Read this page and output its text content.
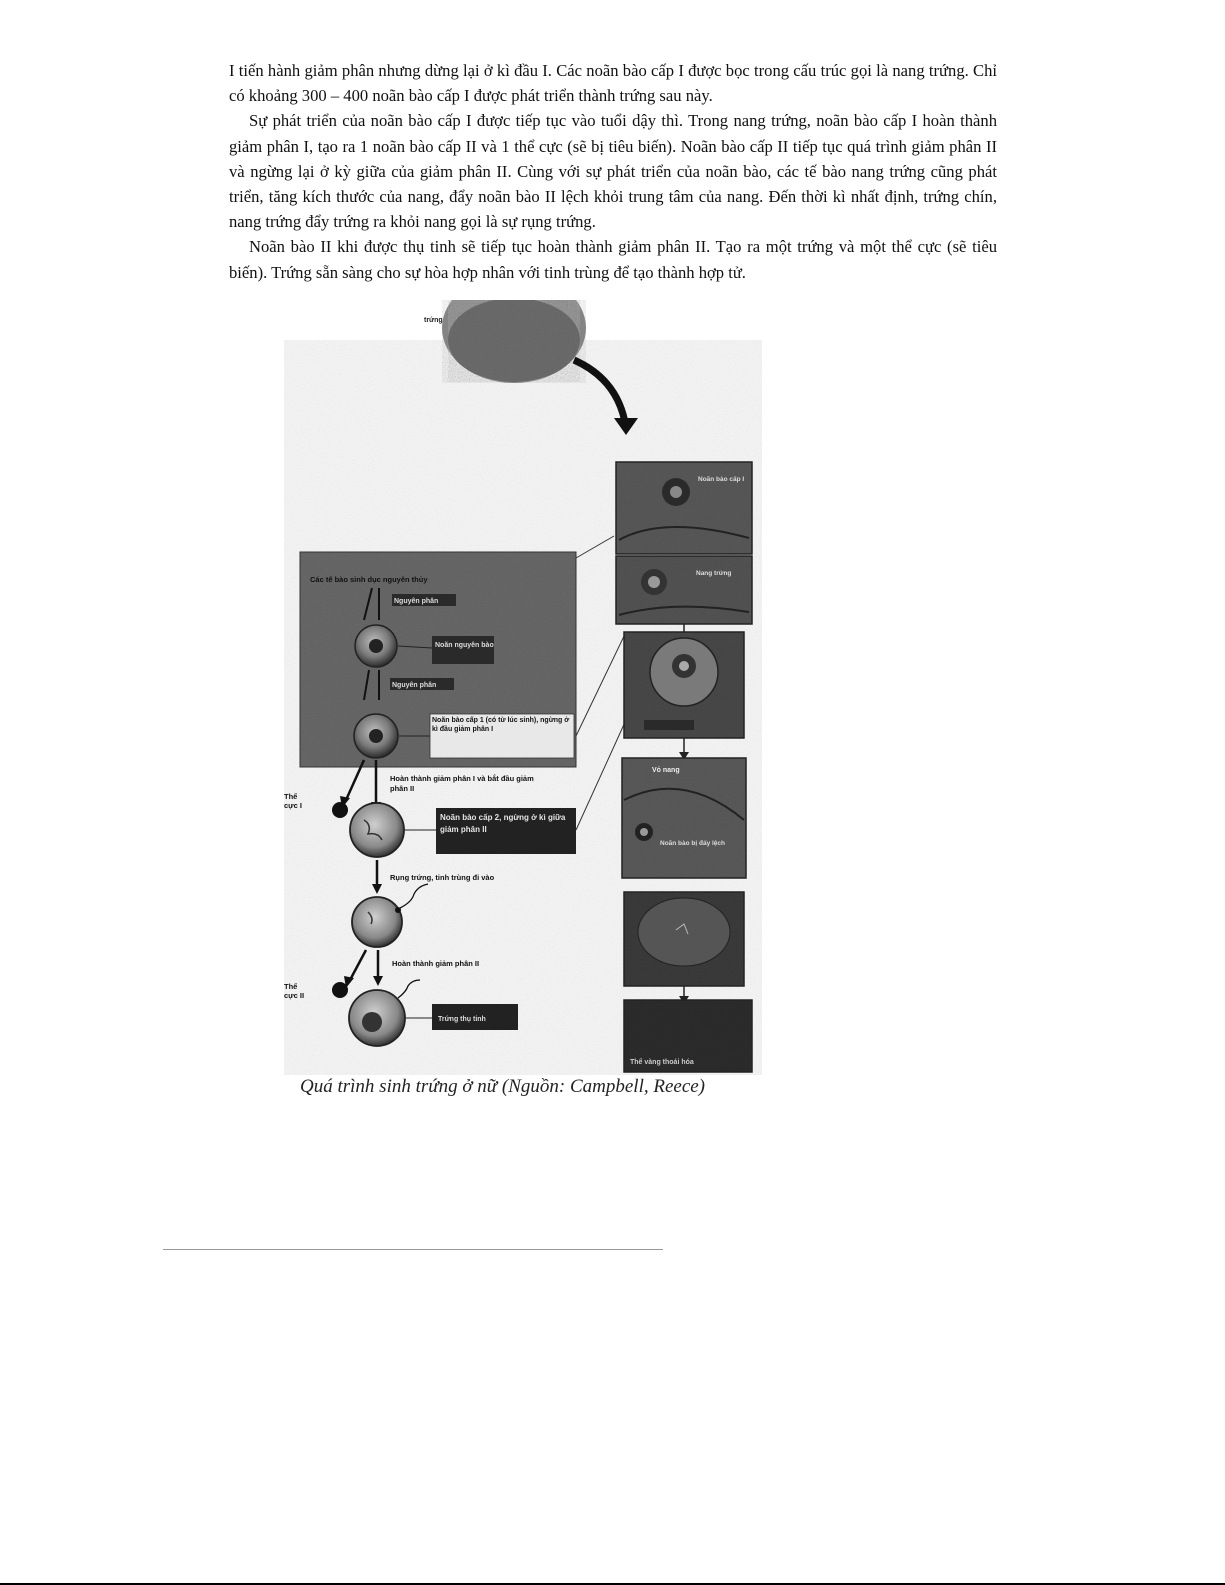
I tiến hành giảm phân nhưng dừng lại ở kì đầu I. Các noãn bào cấp I được bọc trong cấu trúc gọi là nang trứng. Chỉ có khoảng 300 – 400 noãn bào cấp I được phát triển thành trứng sau này.

Sự phát triển của noãn bào cấp I được tiếp tục vào tuổi dậy thì. Trong nang trứng, noãn bào cấp I hoàn thành giảm phân I, tạo ra 1 noãn bào cấp II và 1 thể cực (sẽ bị tiêu biến). Noãn bào cấp II tiếp tục quá trình giảm phân II và ngừng lại ở kỳ giữa của giảm phân II. Cùng với sự phát triển của noãn bào, các tế bào nang trứng cũng phát triển, tăng kích thước của nang, đẩy noãn bào II lệch khỏi trung tâm của nang. Đến thời kì nhất định, trứng chín, nang trứng đẩy trứng ra khỏi nang gọi là sự rụng trứng.

Noãn bào II khi được thụ tinh sẽ tiếp tục hoàn thành giảm phân II. Tạo ra một trứng và một thể cực (sẽ tiêu biến). Trứng sẵn sàng cho sự hòa hợp nhân với tinh trùng để tạo thành hợp tử.

trứng
Các tế bào sinh dục nguyên thủy
Nguyên phân
Noãn nguyên bào
Nguyên phân
Noãn bào cấp 1 (có từ lúc sinh), ngừng ở kì đầu giảm phân I
Hoàn thành giảm phân I và bắt đầu giảm phân II
Thể cực I
Noãn bào cấp 2, ngừng ở kì giữa giảm phân II
Rụng trứng, tinh trùng đi vào
Hoàn thành giảm phân II
Thể cực II
Trứng thụ tinh
Noãn bào cấp I
Nang trứng
Vỏ nang
Noãn bào bị đẩy lệch
Thể vàng thoái hóa
Quá trình sinh trứng ở nữ (Nguồn: Campbell, Reece)
